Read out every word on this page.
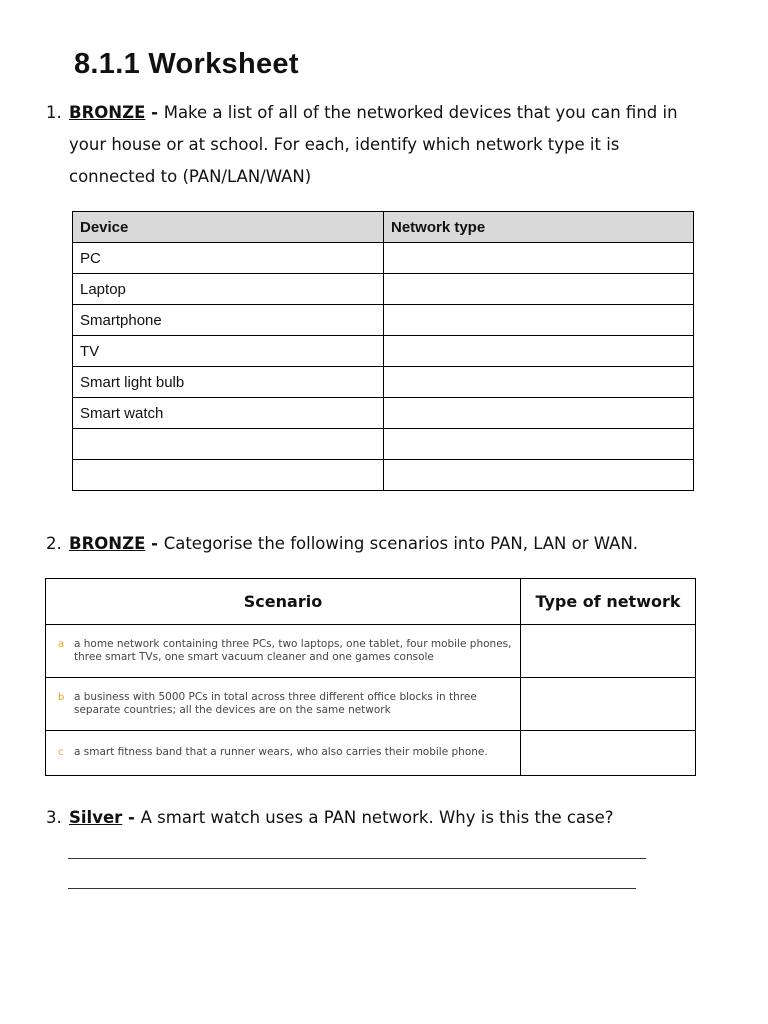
8.1.1 Worksheet
1. BRONZE - Make a list of all of the networked devices that you can find in
your house or at school. For each, identify which network type it is
connected to (PAN/LAN/WAN)
Device	Network type
PC	
Laptop	
Smartphone	
TV	
Smart light bulb	
Smart watch	

2. BRONZE - Categorise the following scenarios into PAN, LAN or WAN.
Scenario	Type of network

a a home network containing three PCs, two laptops, one tablet, four mobile phones,
three smart TVs, one smart vacuum cleaner and one games console	

b a business with 5000 PCs in total across three different office blocks in three
separate countries; all the devices are on the same network	

c a smart fitness band that a runner wears, who also carries their mobile phone.	

3. Silver - A smart watch uses a PAN network. Why is this the case?
